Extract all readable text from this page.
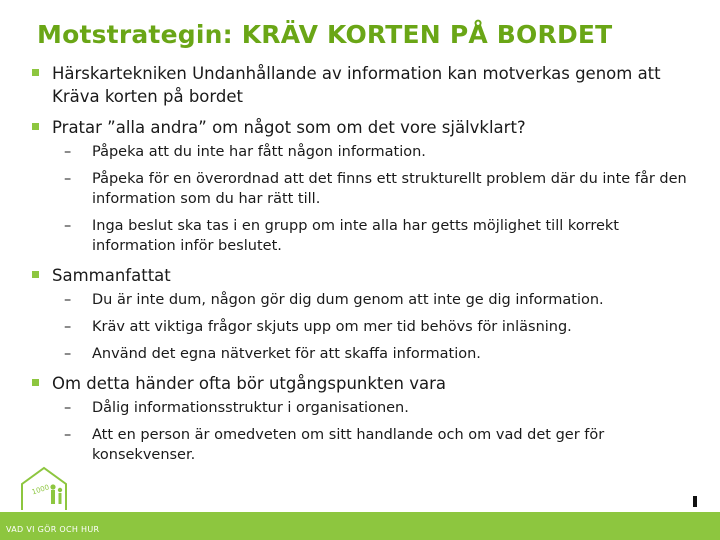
Motstrategin: KRÄV KORTEN PÅ BORDET
Härskartekniken Undanhållande av information kan motverkas genom att Kräva korten på bordet
Pratar ”alla andra” om något som om det vore självklart?
– Påpeka att du inte har fått någon information.
– Påpeka för en överordnad att det finns ett strukturellt problem där du inte får den information som du har rätt till.
– Inga beslut ska tas i en grupp om inte alla har getts möjlighet till korrekt information inför beslutet.
Sammanfattat
– Du är inte dum, någon gör dig dum genom att inte ge dig information.
– Kräv att viktiga frågor skjuts upp om mer tid behövs för inläsning.
– Använd det egna nätverket för att skaffa information.
Om detta händer ofta bör utgångspunkten vara
– Dålig informationsstruktur i organisationen.
– Att en person är omedveten om sitt handlande och om vad det ger för konsekvenser.
1000
VAD VI GÖR OCH HUR
